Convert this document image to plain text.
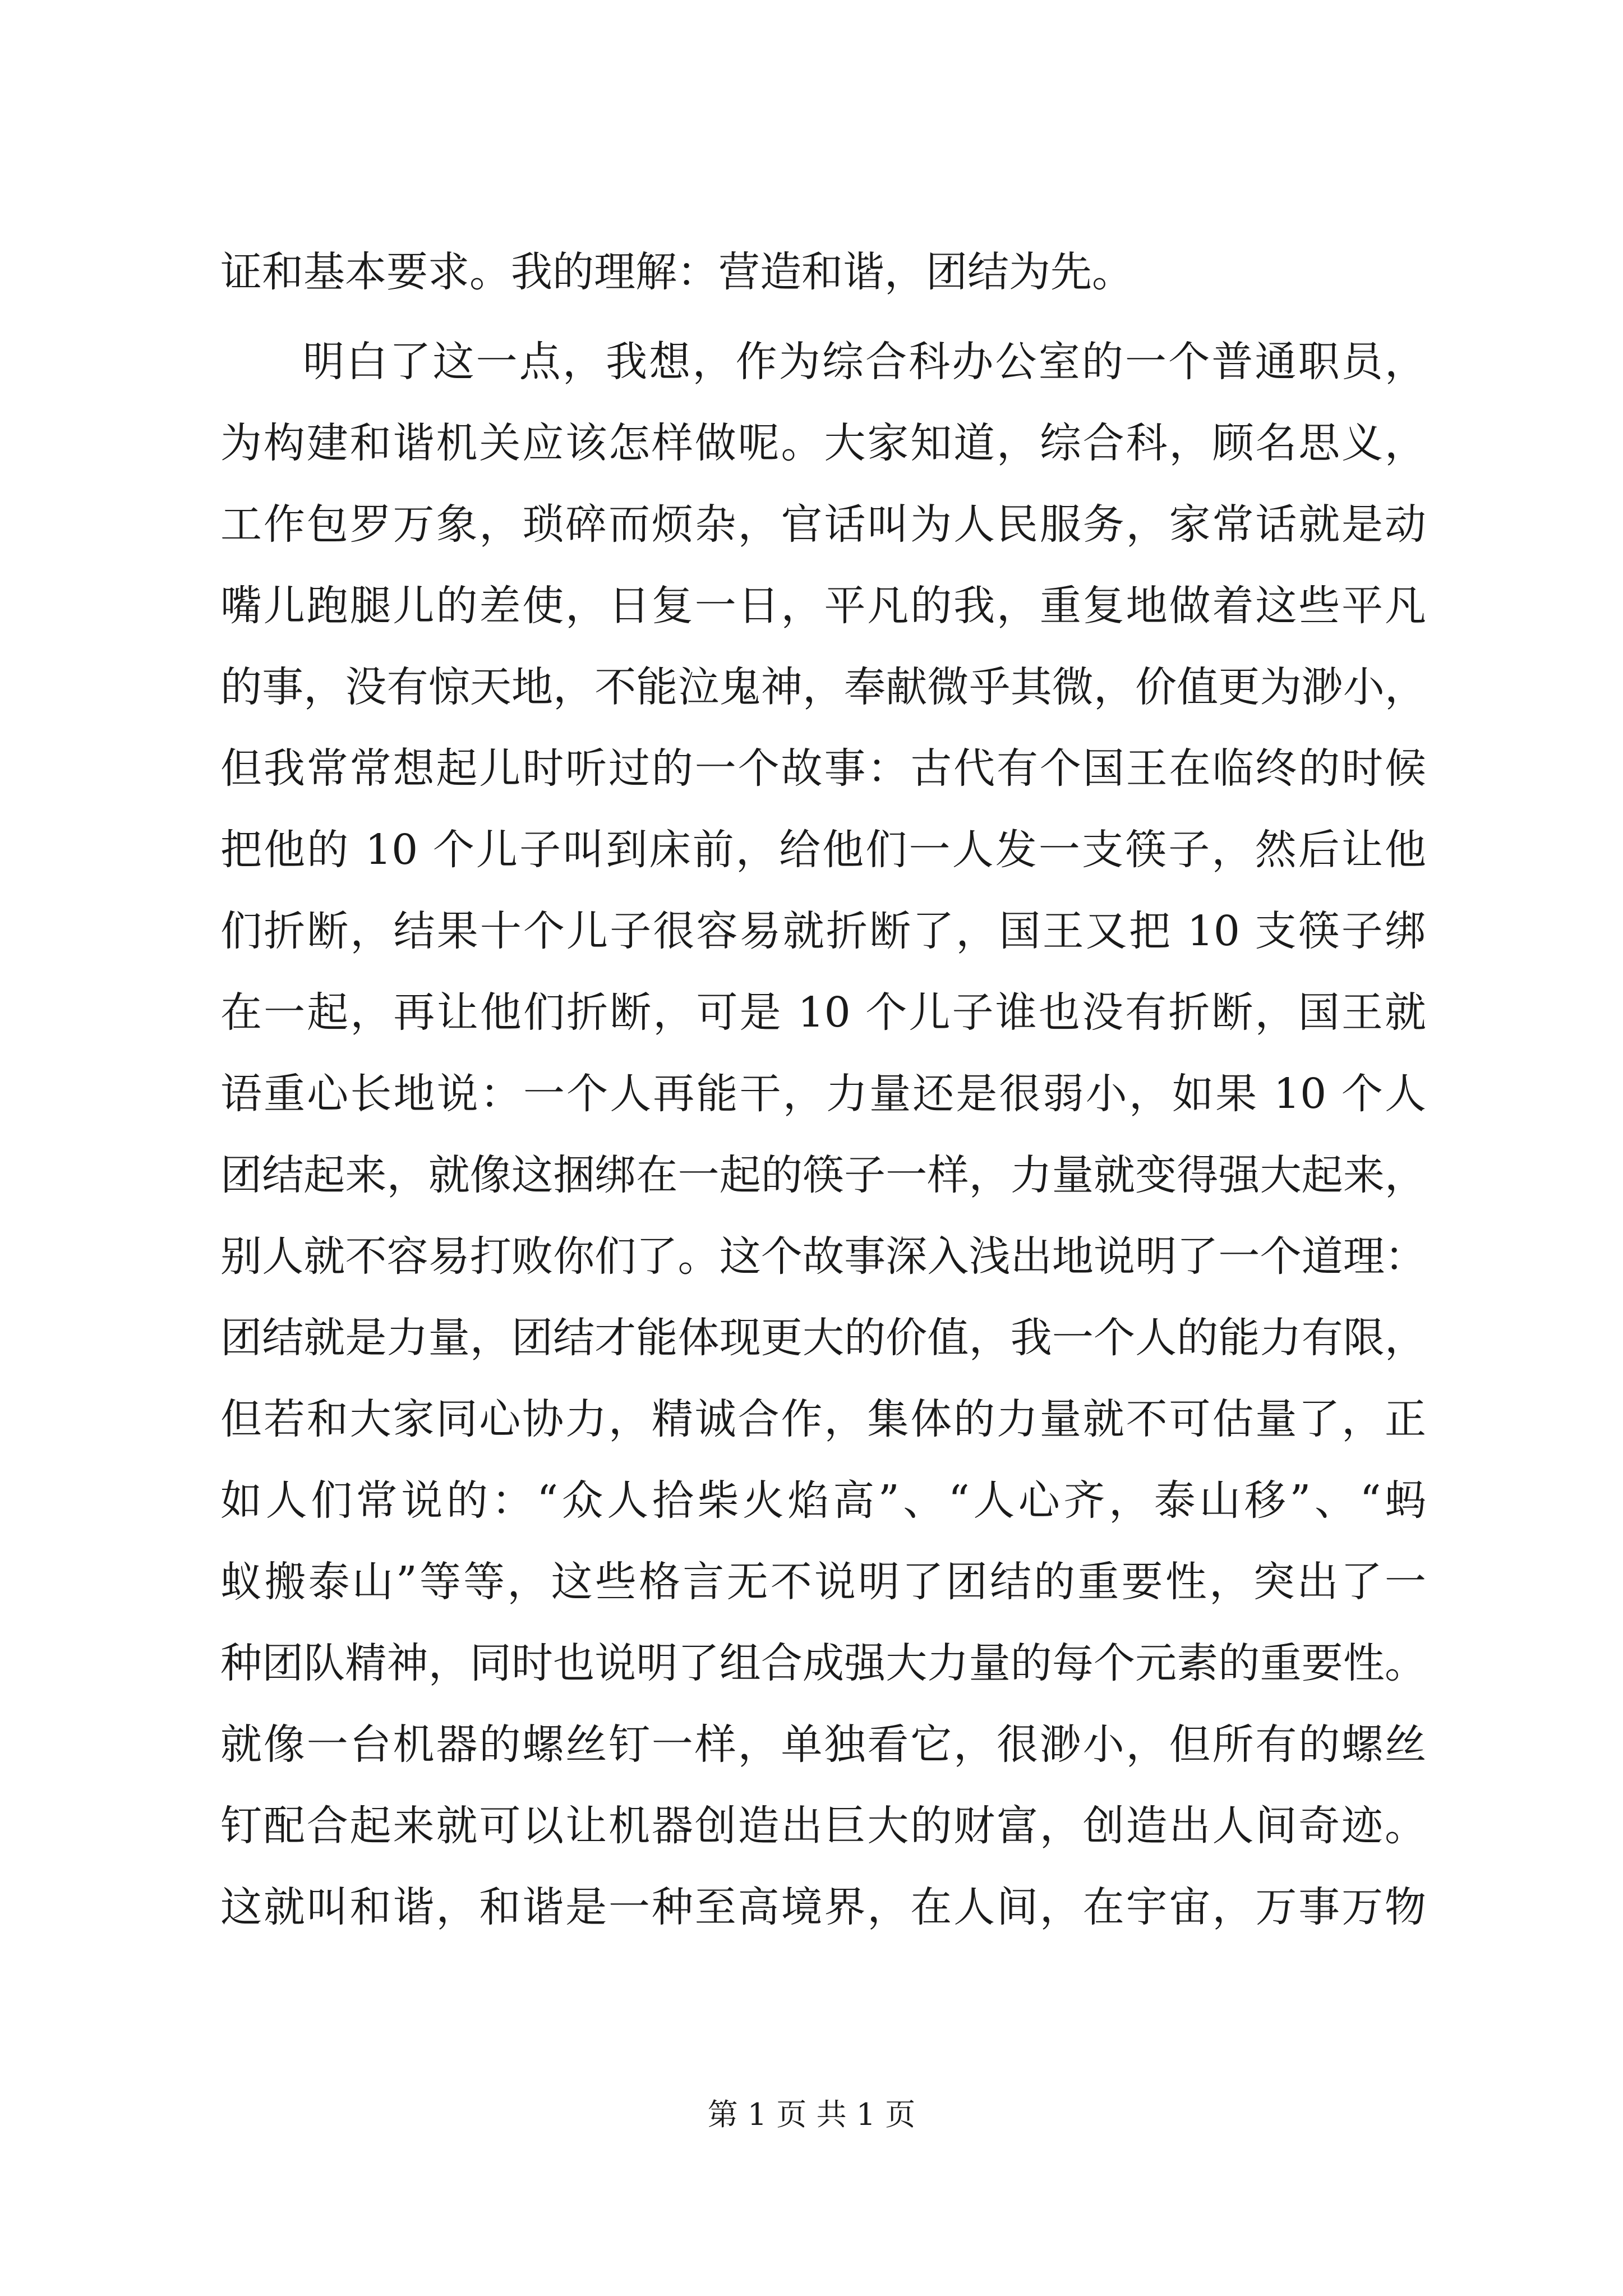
证和基本要求。我的理解：营造和谐，团结为先。
明白了这一点，我想，作为综合科办公室的一个普通职员，
为构建和谐机关应该怎样做呢。大家知道，综合科，顾名思义，
工作包罗万象，琐碎而烦杂，官话叫为人民服务，家常话就是动
嘴儿跑腿儿的差使，日复一日，平凡的我，重复地做着这些平凡
的事，没有惊天地，不能泣鬼神，奉献微乎其微，价值更为渺小，
但我常常想起儿时听过的一个故事：古代有个国王在临终的时候
把他的 10 个儿子叫到床前，给他们一人发一支筷子，然后让他
们折断，结果十个儿子很容易就折断了，国王又把 10 支筷子绑
在一起，再让他们折断，可是 10 个儿子谁也没有折断，国王就
语重心长地说：一个人再能干，力量还是很弱小，如果 10 个人
团结起来，就像这捆绑在一起的筷子一样，力量就变得强大起来，
别人就不容易打败你们了。这个故事深入浅出地说明了一个道理：
团结就是力量，团结才能体现更大的价值，我一个人的能力有限，
但若和大家同心协力，精诚合作，集体的力量就不可估量了，正
如人们常说的：“众人拾柴火焰高”、“人心齐，泰山移”、“蚂
蚁搬泰山”等等，这些格言无不说明了团结的重要性，突出了一
种团队精神，同时也说明了组合成强大力量的每个元素的重要性。
就像一台机器的螺丝钉一样，单独看它，很渺小，但所有的螺丝
钉配合起来就可以让机器创造出巨大的财富，创造出人间奇迹。
这就叫和谐，和谐是一种至高境界，在人间，在宇宙，万事万物
第 1 页 共 1 页
